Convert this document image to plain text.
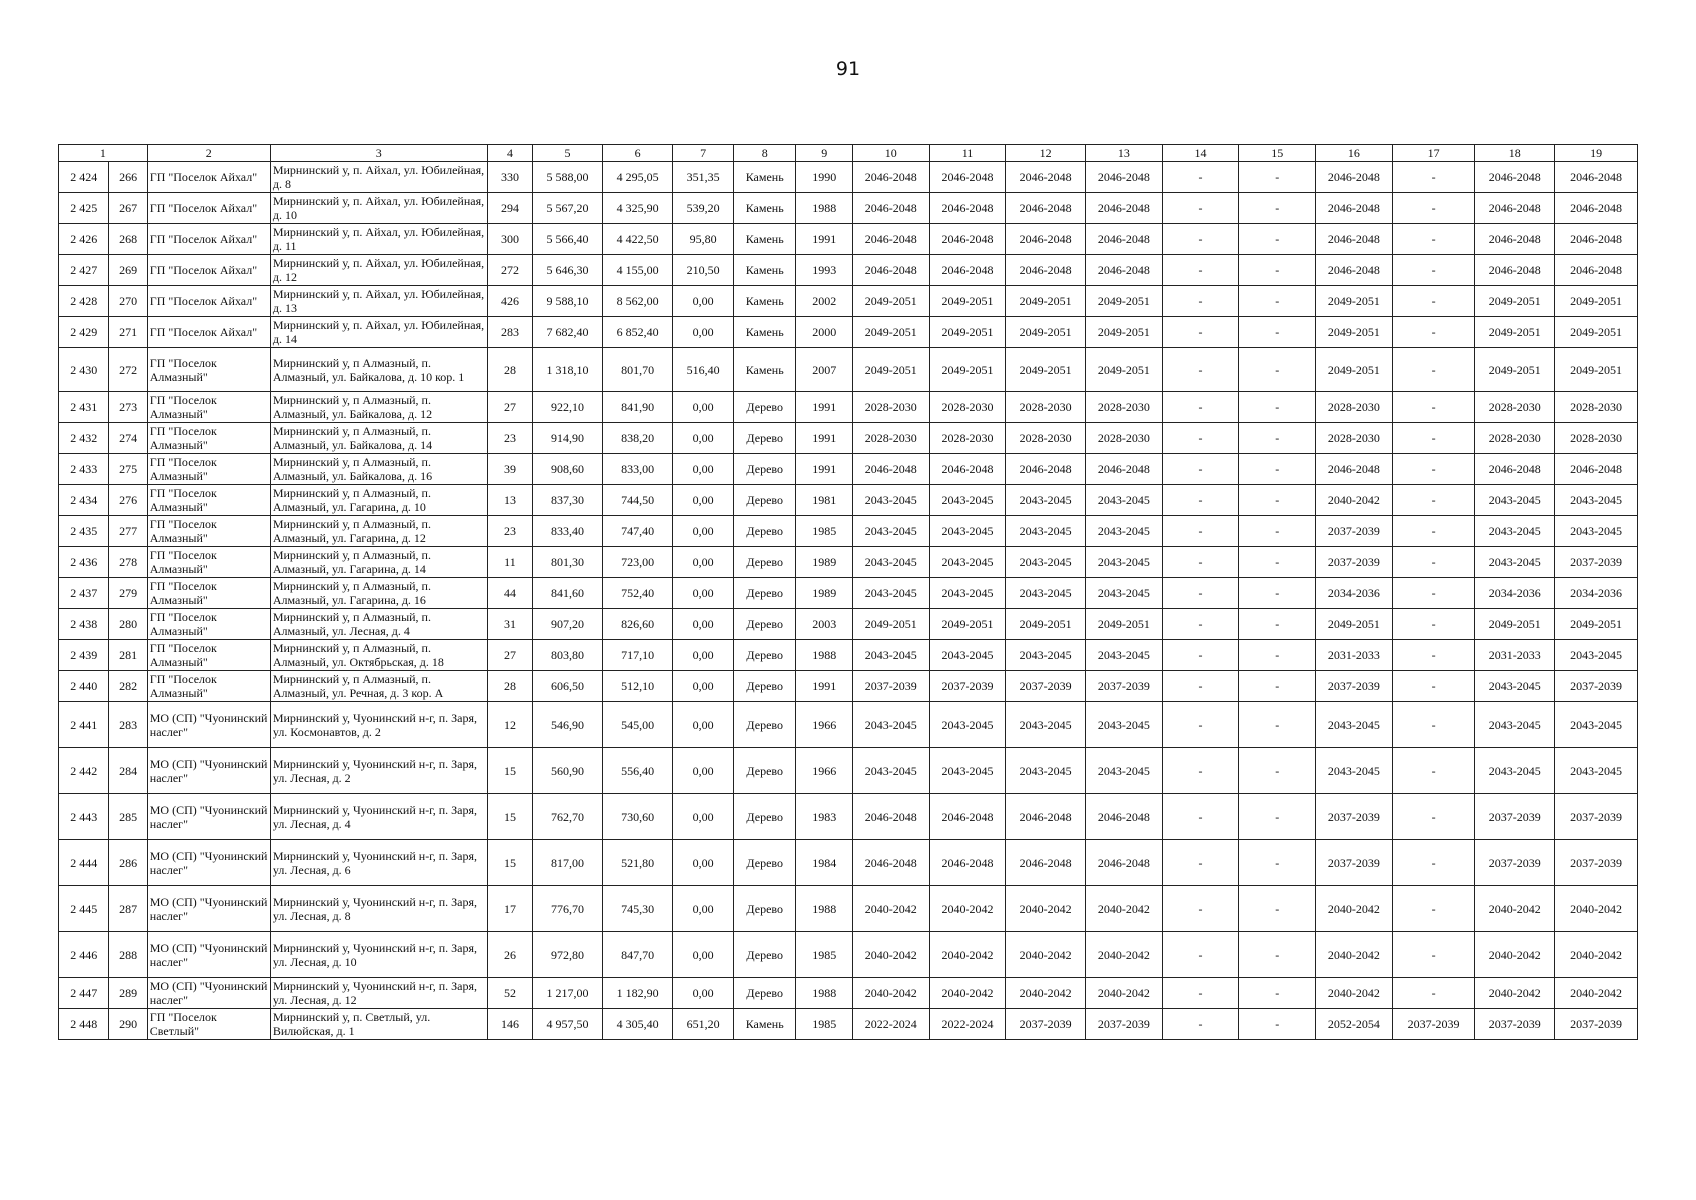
91
1		2	3	4	5	6	7	8	9	10	11	12	13	14	15	16	17	18	19
2 424	266	ГП "Поселок Айхал"	Мирнинский у, п. Айхал, ул. Юбилейная, д. 8	330	5 588,00	4 295,05	351,35	Камень	1990	2046-2048	2046-2048	2046-2048	2046-2048	-	-	2046-2048	-	2046-2048	2046-2048
2 425	267	ГП "Поселок Айхал"	Мирнинский у, п. Айхал, ул. Юбилейная, д. 10	294	5 567,20	4 325,90	539,20	Камень	1988	2046-2048	2046-2048	2046-2048	2046-2048	-	-	2046-2048	-	2046-2048	2046-2048
2 426	268	ГП "Поселок Айхал"	Мирнинский у, п. Айхал, ул. Юбилейная, д. 11	300	5 566,40	4 422,50	95,80	Камень	1991	2046-2048	2046-2048	2046-2048	2046-2048	-	-	2046-2048	-	2046-2048	2046-2048
2 427	269	ГП "Поселок Айхал"	Мирнинский у, п. Айхал, ул. Юбилейная, д. 12	272	5 646,30	4 155,00	210,50	Камень	1993	2046-2048	2046-2048	2046-2048	2046-2048	-	-	2046-2048	-	2046-2048	2046-2048
2 428	270	ГП "Поселок Айхал"	Мирнинский у, п. Айхал, ул. Юбилейная, д. 13	426	9 588,10	8 562,00	0,00	Камень	2002	2049-2051	2049-2051	2049-2051	2049-2051	-	-	2049-2051	-	2049-2051	2049-2051
2 429	271	ГП "Поселок Айхал"	Мирнинский у, п. Айхал, ул. Юбилейная, д. 14	283	7 682,40	6 852,40	0,00	Камень	2000	2049-2051	2049-2051	2049-2051	2049-2051	-	-	2049-2051	-	2049-2051	2049-2051
2 430	272	ГП "Поселок Алмазный"	Мирнинский у, п Алмазный, п. Алмазный, ул. Байкалова, д. 10 кор. 1	28	1 318,10	801,70	516,40	Камень	2007	2049-2051	2049-2051	2049-2051	2049-2051	-	-	2049-2051	-	2049-2051	2049-2051
2 431	273	ГП "Поселок Алмазный"	Мирнинский у, п Алмазный, п. Алмазный, ул. Байкалова, д. 12	27	922,10	841,90	0,00	Дерево	1991	2028-2030	2028-2030	2028-2030	2028-2030	-	-	2028-2030	-	2028-2030	2028-2030
2 432	274	ГП "Поселок Алмазный"	Мирнинский у, п Алмазный, п. Алмазный, ул. Байкалова, д. 14	23	914,90	838,20	0,00	Дерево	1991	2028-2030	2028-2030	2028-2030	2028-2030	-	-	2028-2030	-	2028-2030	2028-2030
2 433	275	ГП "Поселок Алмазный"	Мирнинский у, п Алмазный, п. Алмазный, ул. Байкалова, д. 16	39	908,60	833,00	0,00	Дерево	1991	2046-2048	2046-2048	2046-2048	2046-2048	-	-	2046-2048	-	2046-2048	2046-2048
2 434	276	ГП "Поселок Алмазный"	Мирнинский у, п Алмазный, п. Алмазный, ул. Гагарина, д. 10	13	837,30	744,50	0,00	Дерево	1981	2043-2045	2043-2045	2043-2045	2043-2045	-	-	2040-2042	-	2043-2045	2043-2045
2 435	277	ГП "Поселок Алмазный"	Мирнинский у, п Алмазный, п. Алмазный, ул. Гагарина, д. 12	23	833,40	747,40	0,00	Дерево	1985	2043-2045	2043-2045	2043-2045	2043-2045	-	-	2037-2039	-	2043-2045	2043-2045
2 436	278	ГП "Поселок Алмазный"	Мирнинский у, п Алмазный, п. Алмазный, ул. Гагарина, д. 14	11	801,30	723,00	0,00	Дерево	1989	2043-2045	2043-2045	2043-2045	2043-2045	-	-	2037-2039	-	2043-2045	2037-2039
2 437	279	ГП "Поселок Алмазный"	Мирнинский у, п Алмазный, п. Алмазный, ул. Гагарина, д. 16	44	841,60	752,40	0,00	Дерево	1989	2043-2045	2043-2045	2043-2045	2043-2045	-	-	2034-2036	-	2034-2036	2034-2036
2 438	280	ГП "Поселок Алмазный"	Мирнинский у, п Алмазный, п. Алмазный, ул. Лесная, д. 4	31	907,20	826,60	0,00	Дерево	2003	2049-2051	2049-2051	2049-2051	2049-2051	-	-	2049-2051	-	2049-2051	2049-2051
2 439	281	ГП "Поселок Алмазный"	Мирнинский у, п Алмазный, п. Алмазный, ул. Октябрьская, д. 18	27	803,80	717,10	0,00	Дерево	1988	2043-2045	2043-2045	2043-2045	2043-2045	-	-	2031-2033	-	2031-2033	2043-2045
2 440	282	ГП "Поселок Алмазный"	Мирнинский у, п Алмазный, п. Алмазный, ул. Речная, д. 3 кор. А	28	606,50	512,10	0,00	Дерево	1991	2037-2039	2037-2039	2037-2039	2037-2039	-	-	2037-2039	-	2043-2045	2037-2039
2 441	283	МО (СП) "Чуонинский наслег"	Мирнинский у, Чуонинский н-г, п. Заря, ул. Космонавтов, д. 2	12	546,90	545,00	0,00	Дерево	1966	2043-2045	2043-2045	2043-2045	2043-2045	-	-	2043-2045	-	2043-2045	2043-2045
2 442	284	МО (СП) "Чуонинский наслег"	Мирнинский у, Чуонинский н-г, п. Заря, ул. Лесная, д. 2	15	560,90	556,40	0,00	Дерево	1966	2043-2045	2043-2045	2043-2045	2043-2045	-	-	2043-2045	-	2043-2045	2043-2045
2 443	285	МО (СП) "Чуонинский наслег"	Мирнинский у, Чуонинский н-г, п. Заря, ул. Лесная, д. 4	15	762,70	730,60	0,00	Дерево	1983	2046-2048	2046-2048	2046-2048	2046-2048	-	-	2037-2039	-	2037-2039	2037-2039
2 444	286	МО (СП) "Чуонинский наслег"	Мирнинский у, Чуонинский н-г, п. Заря, ул. Лесная, д. 6	15	817,00	521,80	0,00	Дерево	1984	2046-2048	2046-2048	2046-2048	2046-2048	-	-	2037-2039	-	2037-2039	2037-2039
2 445	287	МО (СП) "Чуонинский наслег"	Мирнинский у, Чуонинский н-г, п. Заря, ул. Лесная, д. 8	17	776,70	745,30	0,00	Дерево	1988	2040-2042	2040-2042	2040-2042	2040-2042	-	-	2040-2042	-	2040-2042	2040-2042
2 446	288	МО (СП) "Чуонинский наслег"	Мирнинский у, Чуонинский н-г, п. Заря, ул. Лесная, д. 10	26	972,80	847,70	0,00	Дерево	1985	2040-2042	2040-2042	2040-2042	2040-2042	-	-	2040-2042	-	2040-2042	2040-2042
2 447	289	МО (СП) "Чуонинский наслег"	Мирнинский у, Чуонинский н-г, п. Заря, ул. Лесная, д. 12	52	1 217,00	1 182,90	0,00	Дерево	1988	2040-2042	2040-2042	2040-2042	2040-2042	-	-	2040-2042	-	2040-2042	2040-2042
2 448	290	ГП "Поселок Светлый"	Мирнинский у, п. Светлый, ул. Вилюйская, д. 1	146	4 957,50	4 305,40	651,20	Камень	1985	2022-2024	2022-2024	2037-2039	2037-2039	-	-	2052-2054	2037-2039	2037-2039	2037-2039
